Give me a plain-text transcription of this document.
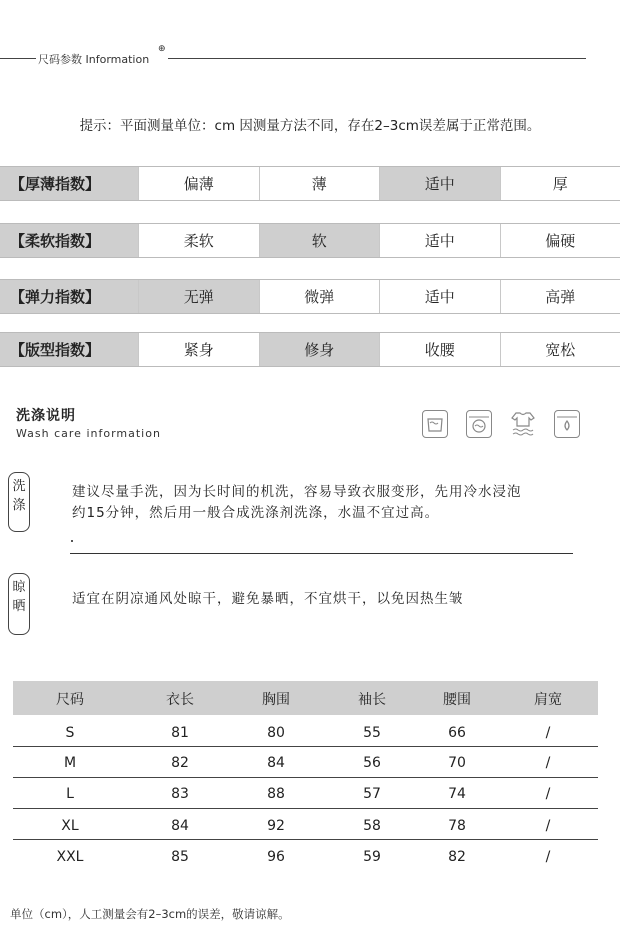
尺码参数 Information
⊕
提示：平面测量单位：cm 因测量方法不同，存在2–3cm误差属于正常范围。
【厚薄指数】	偏薄	薄	适中	厚
【柔软指数】	柔软	软	适中	偏硬
【弹力指数】	无弹	微弹	适中	高弹
【版型指数】	紧身	修身	收腰	宽松
洗涤说明
Wash care information
洗涤
建议尽量手洗，因为长时间的机洗，容易导致衣服变形，先用冷水浸泡
约15分钟，然后用一般合成洗涤剂洗涤，水温不宜过高。
晾晒	适宜在阴凉通风处晾干，避免暴晒，不宜烘干，以免因热生皱
尺码	衣长	胸围	袖长	腰围	肩宽
S	81	80	55	66	/
M	82	84	56	70	/
L	83	88	57	74	/
XL	84	92	58	78	/
XXL	85	96	59	82	/
单位（cm），人工测量会有2–3cm的误差，敬请谅解。
